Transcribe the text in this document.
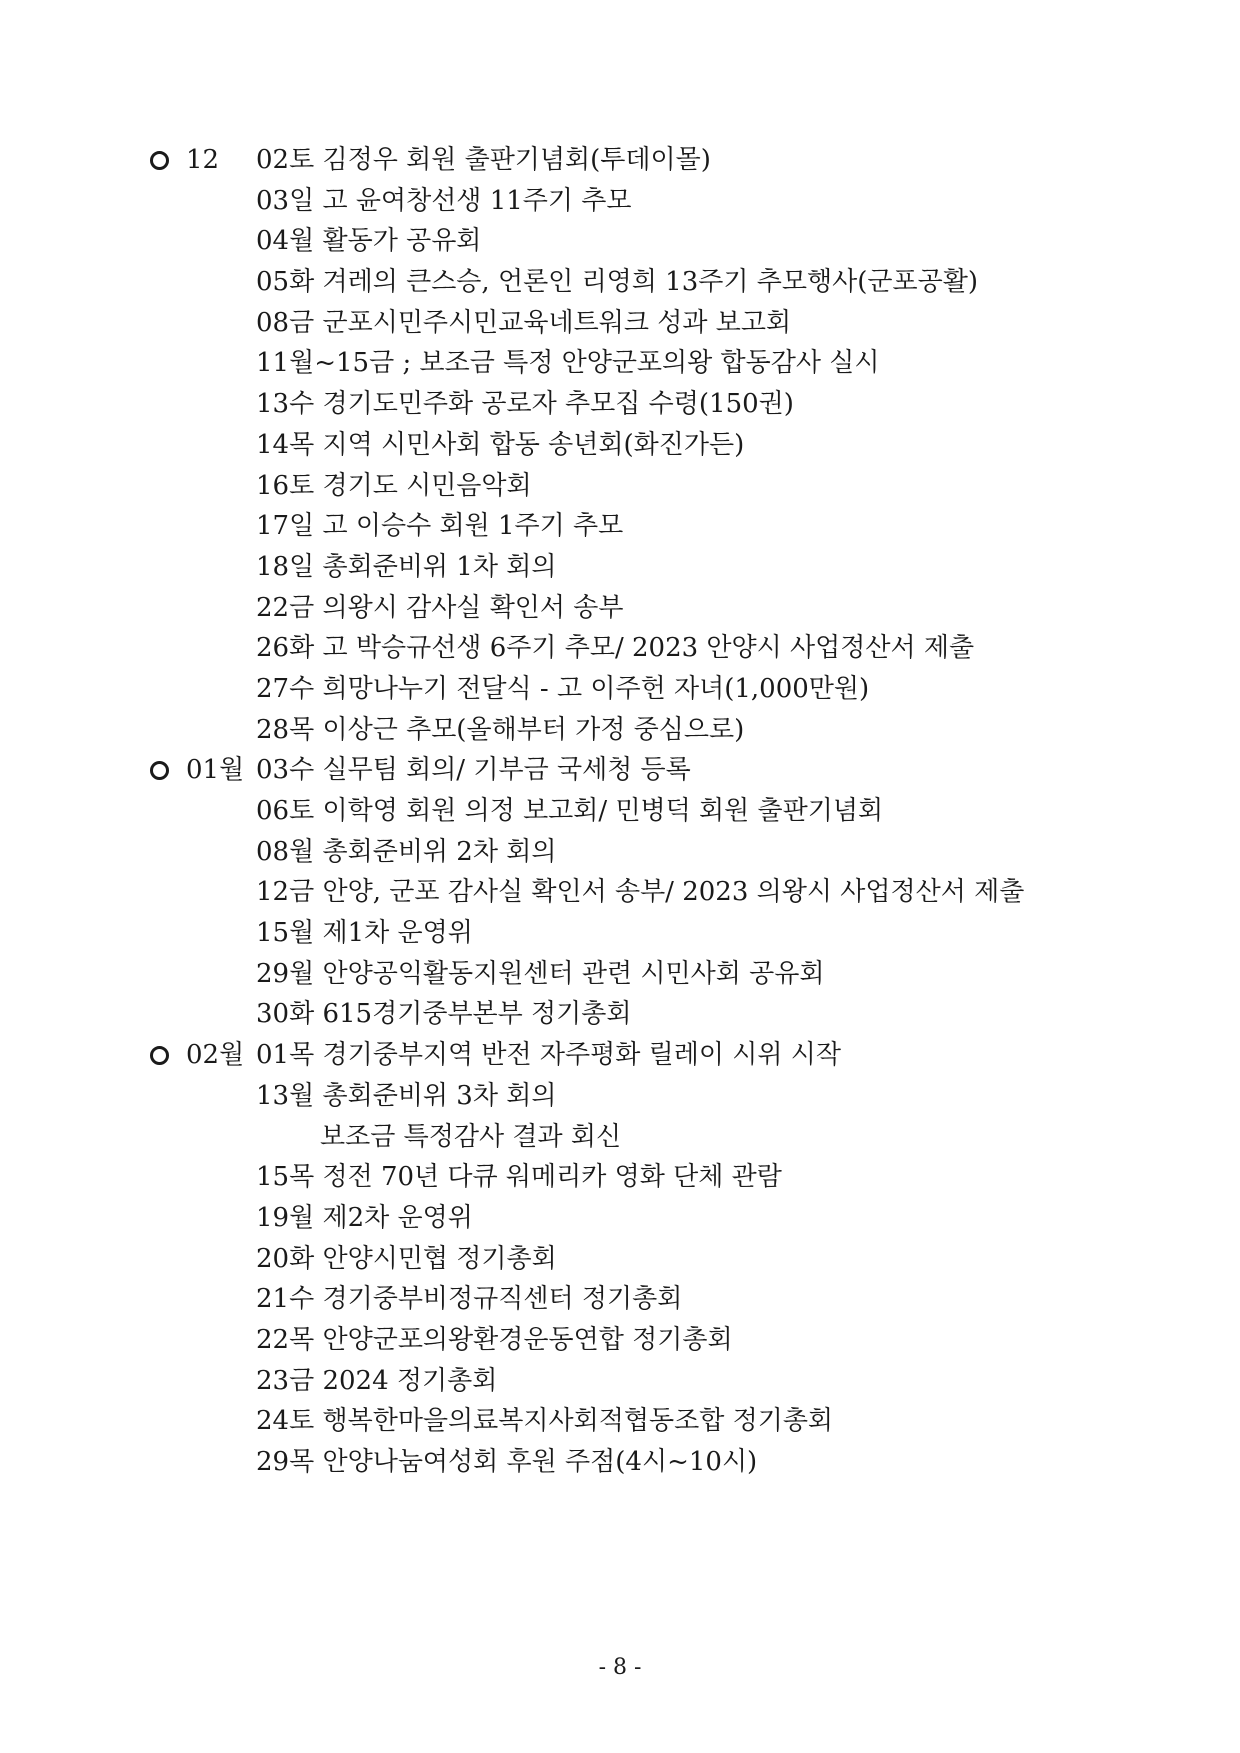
12 02토 김정우 회원 출판기념회(투데이몰)
03일 고 윤여창선생 11주기 추모
04월 활동가 공유회
05화 겨레의 큰스승, 언론인 리영희 13주기 추모행사(군포공활)
08금 군포시민주시민교육네트워크 성과 보고회
11월~15금 ; 보조금 특정 안양군포의왕 합동감사 실시
13수 경기도민주화 공로자 추모집 수령(150권)
14목 지역 시민사회 합동 송년회(화진가든)
16토 경기도 시민음악회
17일 고 이승수 회원 1주기 추모
18일 총회준비위 1차 회의
22금 의왕시 감사실 확인서 송부
26화 고 박승규선생 6주기 추모/ 2023 안양시 사업정산서 제출
27수 희망나누기 전달식 - 고 이주헌 자녀(1,000만원)
28목 이상근 추모(올해부터 가정 중심으로)
01월 03수 실무팀 회의/ 기부금 국세청 등록
06토 이학영 회원 의정 보고회/ 민병덕 회원 출판기념회
08월 총회준비위 2차 회의
12금 안양, 군포 감사실 확인서 송부/ 2023 의왕시 사업정산서 제출
15월 제1차 운영위
29월 안양공익활동지원센터 관련 시민사회 공유회
30화 615경기중부본부 정기총회
02월 01목 경기중부지역 반전 자주평화 릴레이 시위 시작
13월 총회준비위 3차 회의
보조금 특정감사 결과 회신
15목 정전 70년 다큐 워메리카 영화 단체 관람
19월 제2차 운영위
20화 안양시민협 정기총회
21수 경기중부비정규직센터 정기총회
22목 안양군포의왕환경운동연합 정기총회
23금 2024 정기총회
24토 행복한마을의료복지사회적협동조합 정기총회
29목 안양나눔여성회 후원 주점(4시~10시)
- 8 -
